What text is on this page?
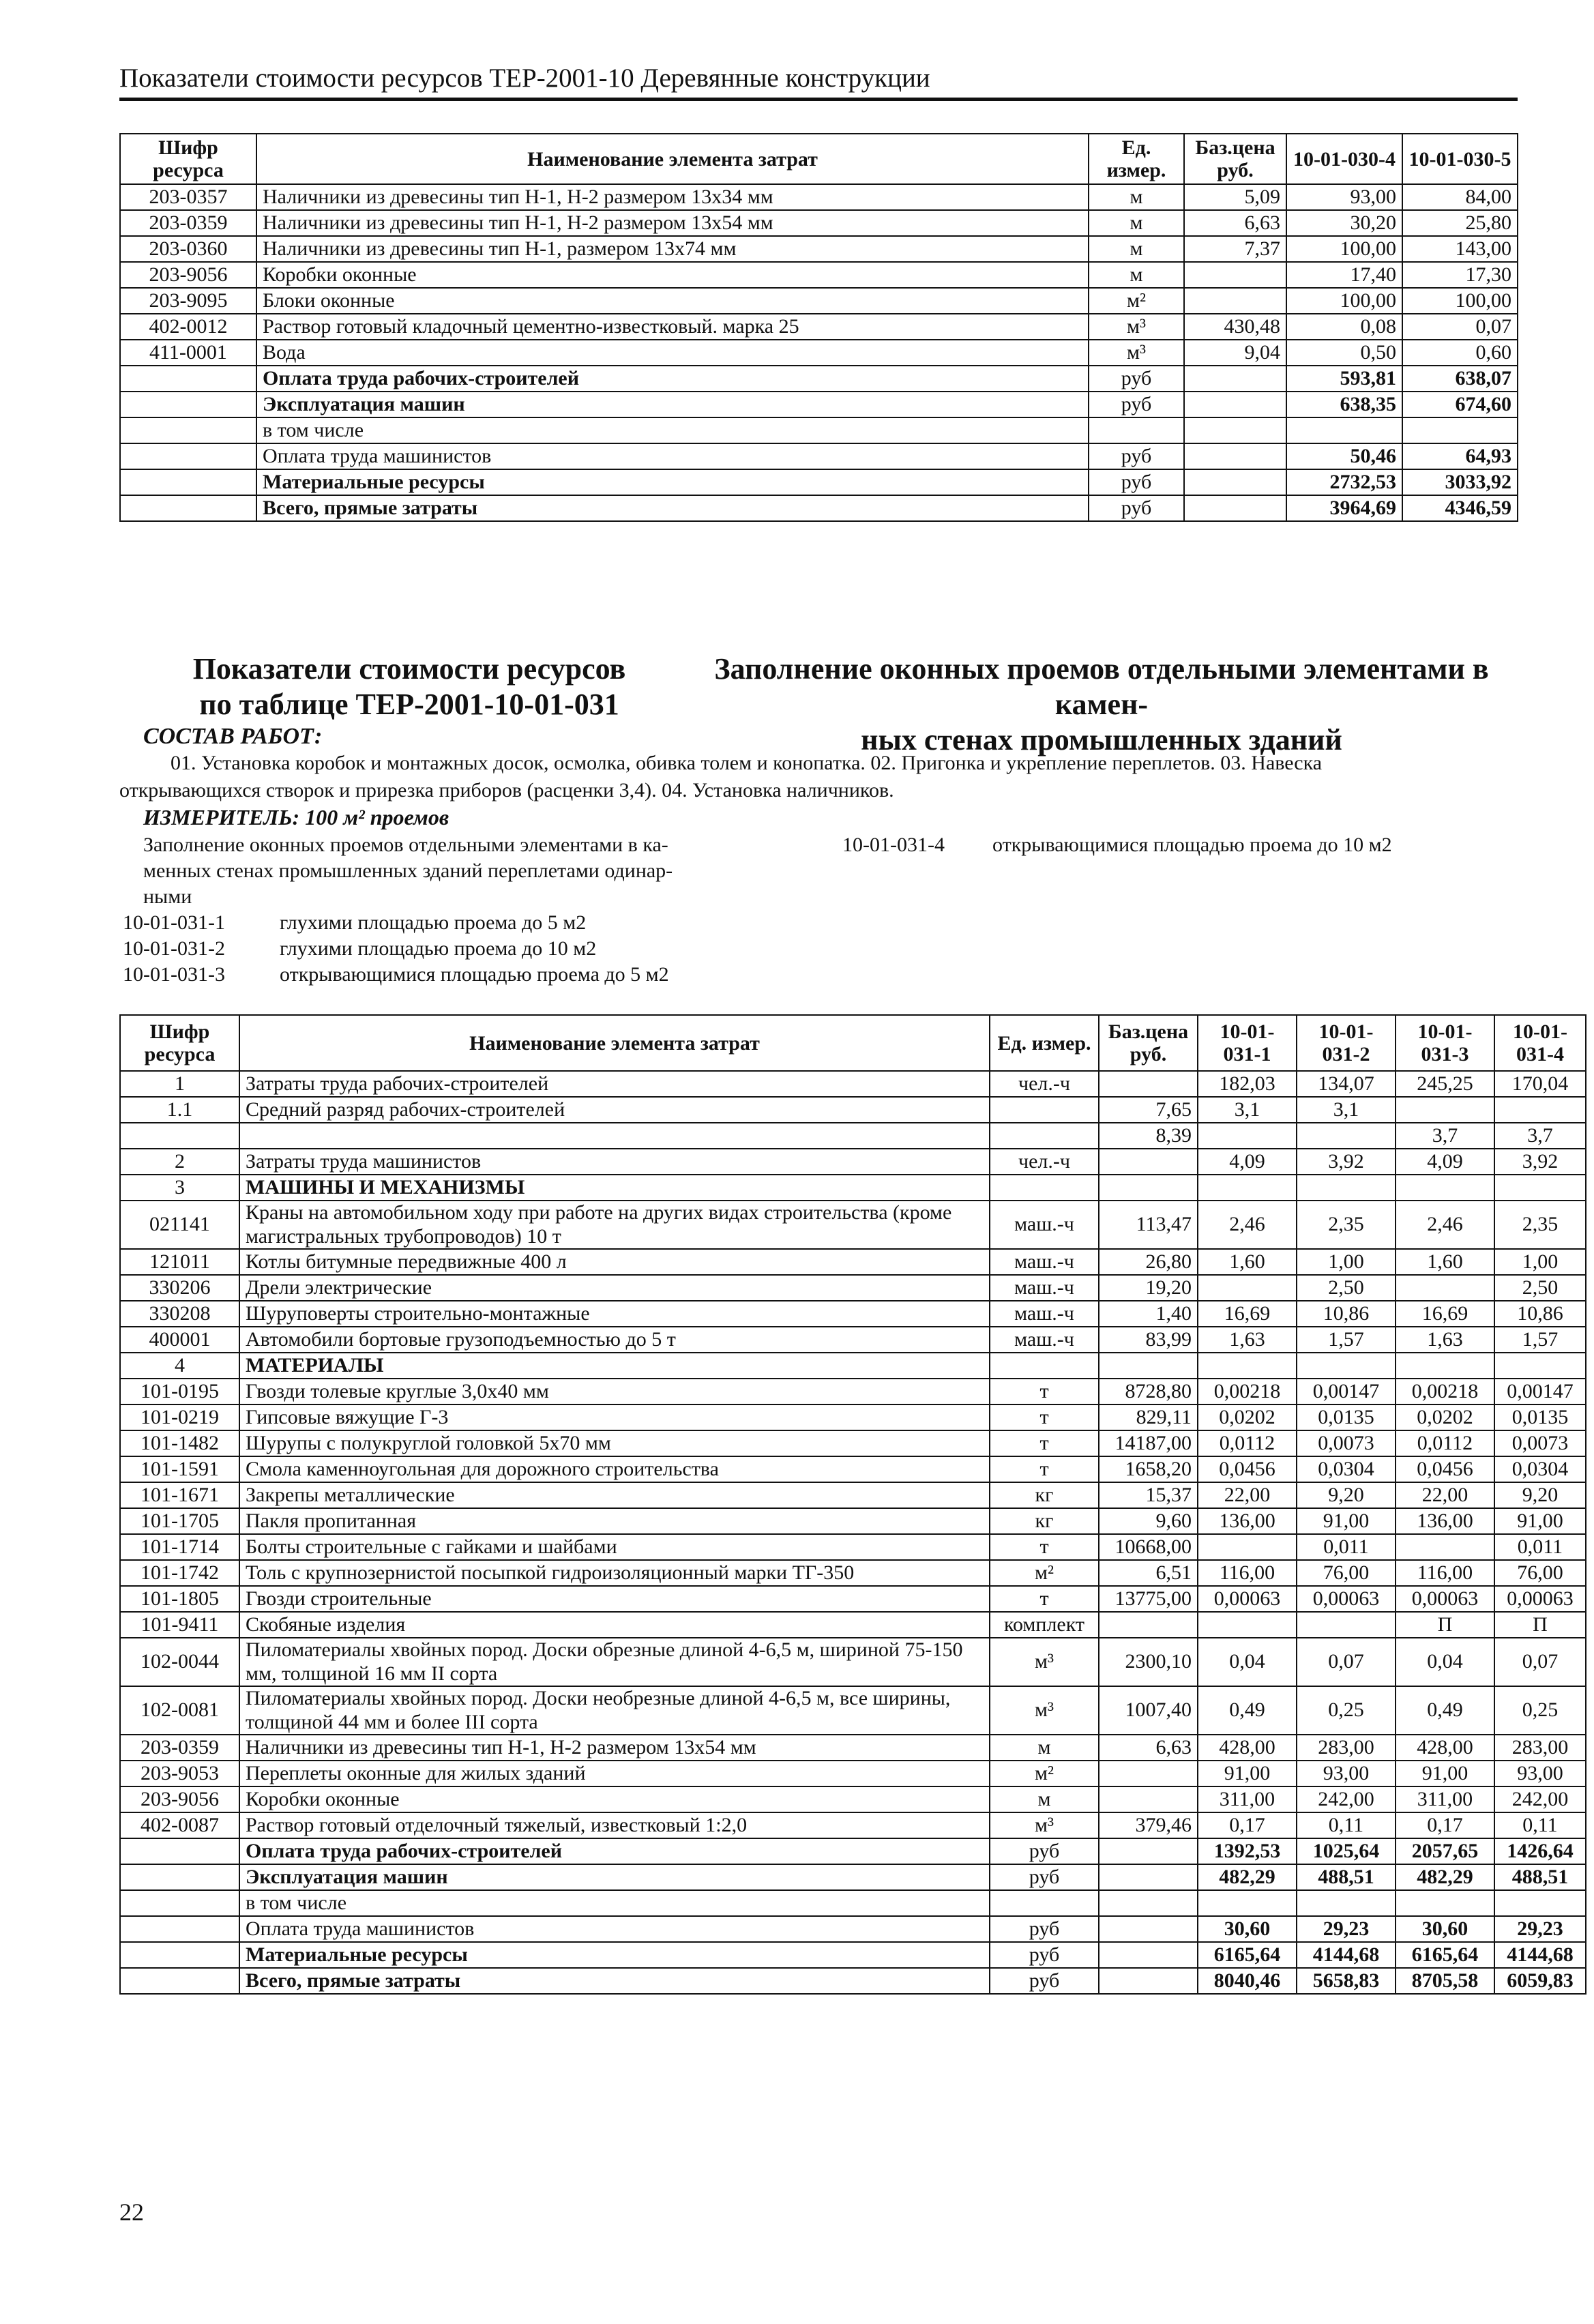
Показатели стоимости ресурсов ТЕР-2001-10 Деревянные конструкции
Шифр ресурса	Наименование элемента затрат	Ед. измер.	Баз.цена руб.	10-01-030-4	10-01-030-5
203-0357	Наличники из древесины тип Н-1, Н-2 размером 13х34 мм	м	5,09	93,00	84,00
203-0359	Наличники из древесины тип Н-1, Н-2 размером 13х54 мм	м	6,63	30,20	25,80
203-0360	Наличники из древесины тип Н-1, размером 13х74 мм	м	7,37	100,00	143,00
203-9056	Коробки оконные	м		17,40	17,30
203-9095	Блоки оконные	м²		100,00	100,00
402-0012	Раствор готовый кладочный цементно-известковый. марка 25	м³	430,48	0,08	0,07
411-0001	Вода	м³	9,04	0,50	0,60
	Оплата труда рабочих-строителей	руб		593,81	638,07
	Эксплуатация машин	руб		638,35	674,60
	в том числе				
	Оплата труда машинистов	руб		50,46	64,93
	Материальные ресурсы	руб		2732,53	3033,92
	Всего, прямые затраты	руб		3964,69	4346,59
Показатели стоимости ресурсов
по таблице ТЕР-2001-10-01-031
Заполнение оконных проемов отдельными элементами в камен-
ных стенах промышленных зданий
СОСТАВ РАБОТ:
01. Установка коробок и монтажных досок, осмолка, обивка толем и конопатка. 02. Пригонка и укрепление переплетов. 03. Навеска
открывающихся створок и прирезка приборов (расценки 3,4). 04. Установка наличников.
ИЗМЕРИТЕЛЬ: 100 м² проемов
Заполнение оконных проемов отдельными элементами в ка-
менных стенах промышленных зданий переплетами одинар-
ными
10-01-031-4 открывающимися площадью проема до 10 м2
10-01-031-1	глухими площадью проема до 5 м2
10-01-031-2	глухими площадью проема до 10 м2
10-01-031-3	открывающимися площадью проема до 5 м2
Шифр ресурса	Наименование элемента затрат	Ед. измер.	Баз.цена руб.	10-01-031-1	10-01-031-2	10-01-031-3	10-01-031-4
1	Затраты труда рабочих-строителей	чел.-ч		182,03	134,07	245,25	170,04
1.1	Средний разряд рабочих-строителей		7,65	3,1	3,1		
			8,39			3,7	3,7
2	Затраты труда машинистов	чел.-ч		4,09	3,92	4,09	3,92
3	МАШИНЫ И МЕХАНИЗМЫ						
021141	Краны на автомобильном ходу при работе на других видах строительства (кроме магистральных трубопроводов) 10 т	маш.-ч	113,47	2,46	2,35	2,46	2,35
121011	Котлы битумные передвижные 400 л	маш.-ч	26,80	1,60	1,00	1,60	1,00
330206	Дрели электрические	маш.-ч	19,20		2,50		2,50
330208	Шуруповерты строительно-монтажные	маш.-ч	1,40	16,69	10,86	16,69	10,86
400001	Автомобили бортовые грузоподъемностью до 5 т	маш.-ч	83,99	1,63	1,57	1,63	1,57
4	МАТЕРИАЛЫ						
101-0195	Гвозди толевые круглые 3,0х40 мм	т	8728,80	0,00218	0,00147	0,00218	0,00147
101-0219	Гипсовые вяжущие Г-3	т	829,11	0,0202	0,0135	0,0202	0,0135
101-1482	Шурупы с полукруглой головкой 5х70 мм	т	14187,00	0,0112	0,0073	0,0112	0,0073
101-1591	Смола каменноугольная для дорожного строительства	т	1658,20	0,0456	0,0304	0,0456	0,0304
101-1671	Закрепы металлические	кг	15,37	22,00	9,20	22,00	9,20
101-1705	Пакля пропитанная	кг	9,60	136,00	91,00	136,00	91,00
101-1714	Болты строительные с гайками и шайбами	т	10668,00		0,011		0,011
101-1742	Толь с крупнозернистой посыпкой гидроизоляционный марки ТГ-350	м²	6,51	116,00	76,00	116,00	76,00
101-1805	Гвозди строительные	т	13775,00	0,00063	0,00063	0,00063	0,00063
101-9411	Скобяные изделия	комплект				П	П
102-0044	Пиломатериалы хвойных пород. Доски обрезные длиной 4-6,5 м, шириной 75-150 мм, толщиной 16 мм II сорта	м³	2300,10	0,04	0,07	0,04	0,07
102-0081	Пиломатериалы хвойных пород. Доски необрезные длиной 4-6,5 м, все ширины, толщиной 44 мм и более III сорта	м³	1007,40	0,49	0,25	0,49	0,25
203-0359	Наличники из древесины тип Н-1, Н-2 размером 13х54 мм	м	6,63	428,00	283,00	428,00	283,00
203-9053	Переплеты оконные для жилых зданий	м²		91,00	93,00	91,00	93,00
203-9056	Коробки оконные	м		311,00	242,00	311,00	242,00
402-0087	Раствор готовый отделочный тяжелый, известковый 1:2,0	м³	379,46	0,17	0,11	0,17	0,11
	Оплата труда рабочих-строителей	руб		1392,53	1025,64	2057,65	1426,64
	Эксплуатация машин	руб		482,29	488,51	482,29	488,51
	в том числе						
	Оплата труда машинистов	руб		30,60	29,23	30,60	29,23
	Материальные ресурсы	руб		6165,64	4144,68	6165,64	4144,68
	Всего, прямые затраты	руб		8040,46	5658,83	8705,58	6059,83
22
